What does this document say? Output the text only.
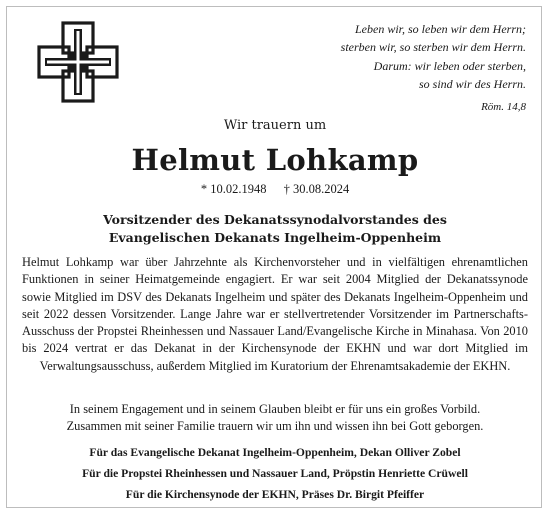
Leben wir, so leben wir dem Herrn;
sterben wir, so sterben wir dem Herrn.
Darum: wir leben oder sterben,
so sind wir des Herrn.
Röm. 14,8
Wir trauern um
Helmut Lohkamp
* 10.02.1948 † 30.08.2024
Vorsitzender des Dekanatssynodalvorstandes des
Evangelischen Dekanats Ingelheim-Oppenheim

Helmut Lohkamp war über Jahrzehnte als Kirchenvorsteher und in vielfältigen ehrenamtlichen Funktionen in seiner Heimatgemeinde engagiert. Er war seit 2004 Mitglied der Dekanatssynode sowie Mitglied im DSV des Dekanats Ingelheim und später des Dekanats Ingelheim-Oppenheim und seit 2022 dessen Vorsitzender. Lange Jahre war er stellvertretender Vorsitzender im Partnerschafts-Ausschuss der Propstei Rheinhessen und Nassauer Land/Evangelische Kirche in Minahasa. Von 2010 bis 2024 vertrat er das Dekanat in der Kirchensynode der EKHN und war dort Mitglied im Verwaltungsausschuss, außerdem Mitglied im Kuratorium der Ehrenamtsakademie der EKHN.

In seinem Engagement und in seinem Glauben bleibt er für uns ein großes Vorbild.
Zusammen mit seiner Familie trauern wir um ihn und wissen ihn bei Gott geborgen.
Für das Evangelische Dekanat Ingelheim-Oppenheim, Dekan Olliver Zobel
Für die Propstei Rheinhessen und Nassauer Land, Pröpstin Henriette Crüwell
Für die Kirchensynode der EKHN, Präses Dr. Birgit Pfeiffer
